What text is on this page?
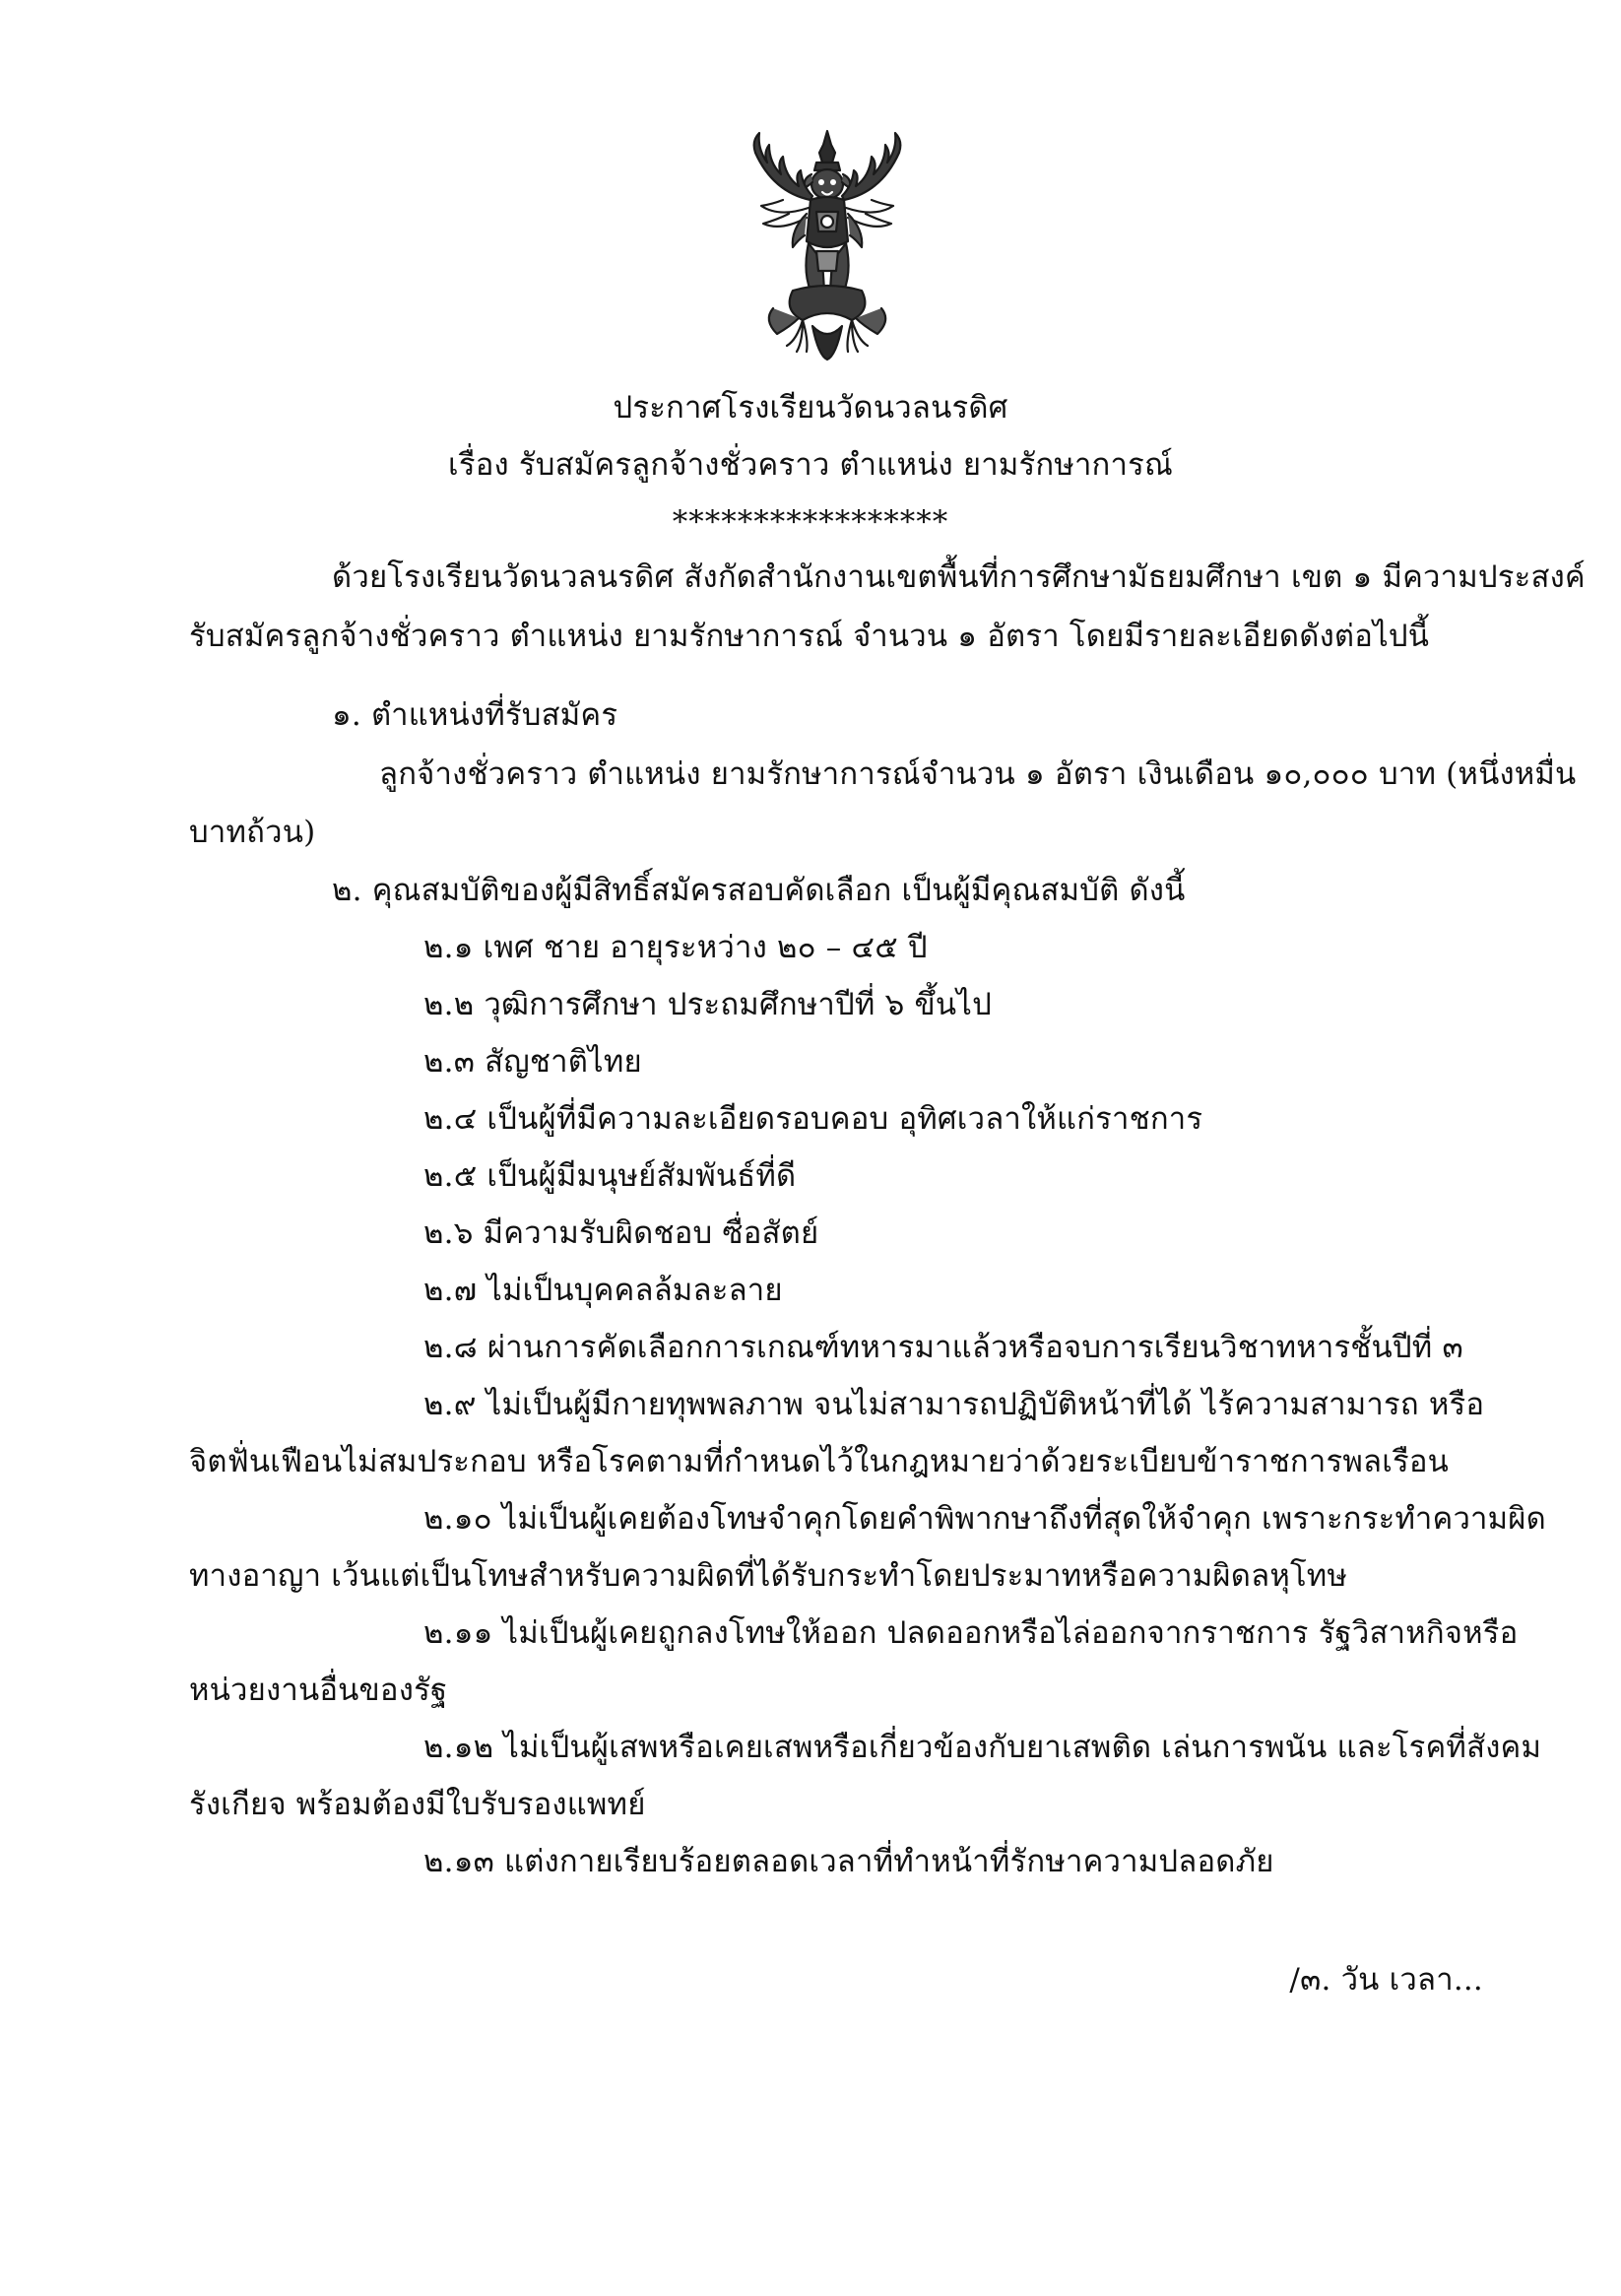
ประกาศโรงเรียนวัดนวลนรดิศ
เรื่อง รับสมัครลูกจ้างชั่วคราว ตำแหน่ง ยามรักษาการณ์
*****************
ด้วยโรงเรียนวัดนวลนรดิศ สังกัดสำนักงานเขตพื้นที่การศึกษามัธยมศึกษา เขต ๑ มีความประสงค์
รับสมัครลูกจ้างชั่วคราว ตำแหน่ง ยามรักษาการณ์ จำนวน ๑ อัตรา โดยมีรายละเอียดดังต่อไปนี้
๑. ตำแหน่งที่รับสมัคร
ลูกจ้างชั่วคราว ตำแหน่ง ยามรักษาการณ์จำนวน ๑ อัตรา เงินเดือน ๑๐,๐๐๐ บาท (หนึ่งหมื่น
บาทถ้วน)
๒. คุณสมบัติของผู้มีสิทธิ์สมัครสอบคัดเลือก เป็นผู้มีคุณสมบัติ ดังนี้
๒.๑ เพศ ชาย อายุระหว่าง ๒๐ – ๔๕ ปี
๒.๒ วุฒิการศึกษา ประถมศึกษาปีที่ ๖ ขึ้นไป
๒.๓ สัญชาติไทย
๒.๔ เป็นผู้ที่มีความละเอียดรอบคอบ อุทิศเวลาให้แก่ราชการ
๒.๕ เป็นผู้มีมนุษย์สัมพันธ์ที่ดี
๒.๖ มีความรับผิดชอบ ซื่อสัตย์
๒.๗ ไม่เป็นบุคคลล้มละลาย
๒.๘ ผ่านการคัดเลือกการเกณฑ์ทหารมาแล้วหรือจบการเรียนวิชาทหารชั้นปีที่ ๓
๒.๙ ไม่เป็นผู้มีกายทุพพลภาพ จนไม่สามารถปฏิบัติหน้าที่ได้ ไร้ความสามารถ หรือ
จิตฟั่นเฟือนไม่สมประกอบ หรือโรคตามที่กำหนดไว้ในกฎหมายว่าด้วยระเบียบข้าราชการพลเรือน
๒.๑๐ ไม่เป็นผู้เคยต้องโทษจำคุกโดยคำพิพากษาถึงที่สุดให้จำคุก เพราะกระทำความผิด
ทางอาญา เว้นแต่เป็นโทษสำหรับความผิดที่ได้รับกระทำโดยประมาทหรือความผิดลหุโทษ
๒.๑๑ ไม่เป็นผู้เคยถูกลงโทษให้ออก ปลดออกหรือไล่ออกจากราชการ รัฐวิสาหกิจหรือ
หน่วยงานอื่นของรัฐ
๒.๑๒ ไม่เป็นผู้เสพหรือเคยเสพหรือเกี่ยวข้องกับยาเสพติด เล่นการพนัน และโรคที่สังคม
รังเกียจ พร้อมต้องมีใบรับรองแพทย์
๒.๑๓ แต่งกายเรียบร้อยตลอดเวลาที่ทำหน้าที่รักษาความปลอดภัย
/๓. วัน เวลา...
